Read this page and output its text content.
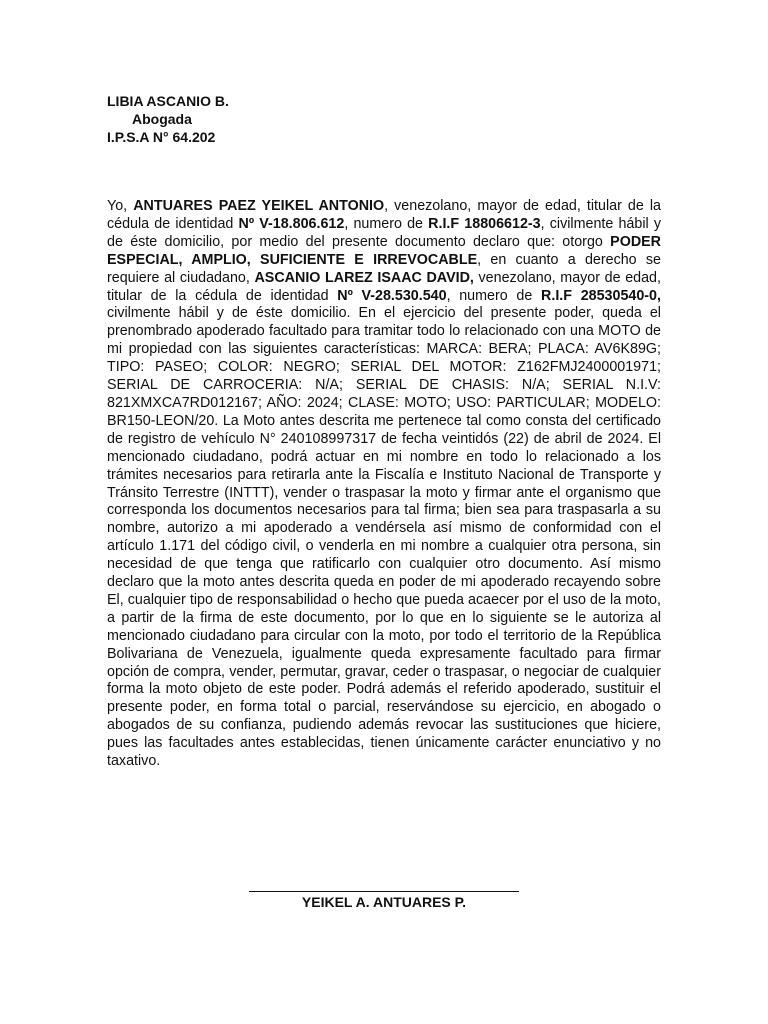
LIBIA ASCANIO B.
Abogada
I.P.S.A N° 64.202
Yo, ANTUARES PAEZ YEIKEL ANTONIO, venezolano, mayor de edad, titular de la cédula de identidad Nº V-18.806.612, numero de R.I.F 18806612-3, civilmente hábil y de éste domicilio, por medio del presente documento declaro que: otorgo PODER ESPECIAL, AMPLIO, SUFICIENTE E IRREVOCABLE, en cuanto a derecho se requiere al ciudadano, ASCANIO LAREZ ISAAC DAVID, venezolano, mayor de edad, titular de la cédula de identidad Nº V-28.530.540, numero de R.I.F 28530540-0, civilmente hábil y de éste domicilio. En el ejercicio del presente poder, queda el prenombrado apoderado facultado para tramitar todo lo relacionado con una MOTO de mi propiedad con las siguientes características: MARCA: BERA; PLACA: AV6K89G; TIPO: PASEO; COLOR: NEGRO; SERIAL DEL MOTOR: Z162FMJ2400001971; SERIAL DE CARROCERIA: N/A; SERIAL DE CHASIS: N/A; SERIAL N.I.V: 821XMXCA7RD012167; AÑO: 2024; CLASE: MOTO; USO: PARTICULAR; MODELO: BR150-LEON/20. La Moto antes descrita me pertenece tal como consta del certificado de registro de vehículo N° 240108997317 de fecha veintidós (22) de abril de 2024. El mencionado ciudadano, podrá actuar en mi nombre en todo lo relacionado a los trámites necesarios para retirarla ante la Fiscalía e Instituto Nacional de Transporte y Tránsito Terrestre (INTTT), vender o traspasar la moto y firmar ante el organismo que corresponda los documentos necesarios para tal firma; bien sea para traspasarla a su nombre, autorizo a mi apoderado a vendérsela así mismo de conformidad con el artículo 1.171 del código civil, o venderla en mi nombre a cualquier otra persona, sin necesidad de que tenga que ratificarlo con cualquier otro documento. Así mismo declaro que la moto antes descrita queda en poder de mi apoderado recayendo sobre El, cualquier tipo de responsabilidad o hecho que pueda acaecer por el uso de la moto, a partir de la firma de este documento, por lo que en lo siguiente se le autoriza al mencionado ciudadano para circular con la moto, por todo el territorio de la República Bolivariana de Venezuela, igualmente queda expresamente facultado para firmar opción de compra, vender, permutar, gravar, ceder o traspasar, o negociar de cualquier forma la moto objeto de este poder. Podrá además el referido apoderado, sustituir el presente poder, en forma total o parcial, reservándose su ejercicio, en abogado o abogados de su confianza, pudiendo además revocar las sustituciones que hiciere, pues las facultades antes establecidas, tienen únicamente carácter enunciativo y no taxativo.
YEIKEL A. ANTUARES P.
